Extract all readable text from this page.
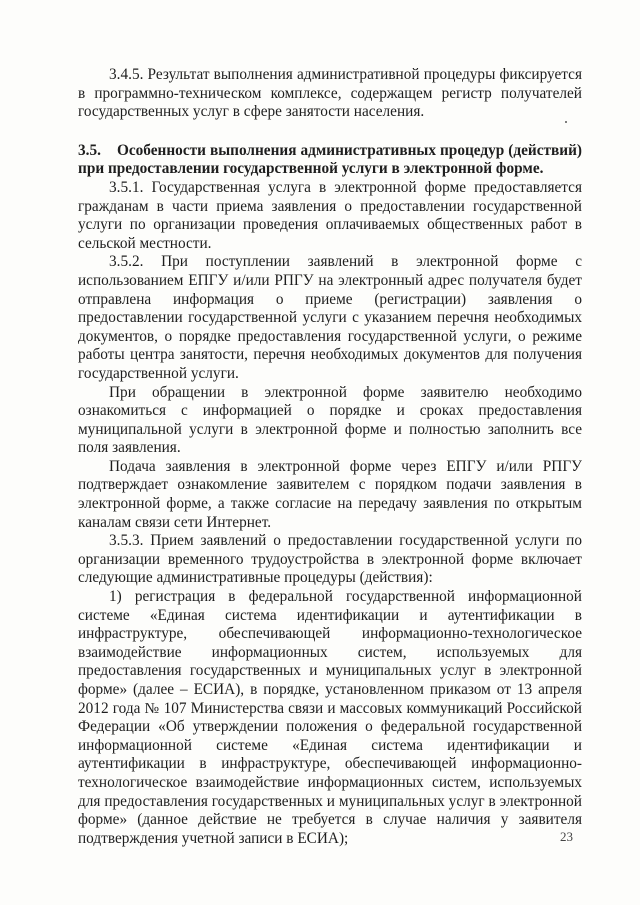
3.4.5. Результат выполнения административной процедуры фиксируется в программно-техническом комплексе, содержащем регистр получателей государственных услуг в сфере занятости населения.

3.5.    Особенности выполнения административных процедур (действий) при предоставлении государственной услуги в электронной форме.

3.5.1. Государственная услуга в электронной форме предоставляется гражданам в части приема заявления о предоставлении государственной услуги по организации проведения оплачиваемых общественных работ в сельской местности.

3.5.2. При поступлении заявлений в электронной форме с использованием ЕПГУ и/или РПГУ на электронный адрес получателя будет отправлена информация о приеме (регистрации) заявления о предоставлении государственной услуги с указанием перечня необходимых документов, о порядке предоставления государственной услуги, о режиме работы центра занятости, перечня необходимых документов для получения государственной услуги.

При обращении в электронной форме заявителю необходимо ознакомиться с информацией о порядке и сроках предоставления муниципальной услуги в электронной форме и полностью заполнить все поля заявления.

Подача заявления в электронной форме через ЕПГУ и/или РПГУ подтверждает ознакомление заявителем с порядком подачи заявления в электронной форме, а также согласие на передачу заявления по открытым каналам связи сети Интернет.

3.5.3. Прием заявлений о предоставлении государственной услуги по организации временного трудоустройства в электронной форме включает следующие административные процедуры (действия):

1) регистрация в федеральной государственной информационной системе «Единая система идентификации и аутентификации в инфраструктуре, обеспечивающей информационно-технологическое взаимодействие информационных систем, используемых для предоставления государственных и муниципальных услуг в электронной форме» (далее – ЕСИА), в порядке, установленном приказом от 13 апреля 2012 года № 107 Министерства связи и массовых коммуникаций Российской Федерации «Об утверждении положения о федеральной государственной информационной системе «Единая система идентификации и аутентификации в инфраструктуре, обеспечивающей информационно-технологическое взаимодействие информационных систем, используемых для предоставления государственных и муниципальных услуг в электронной форме» (данное действие не требуется в случае наличия у заявителя подтверждения учетной записи в ЕСИА);	23
